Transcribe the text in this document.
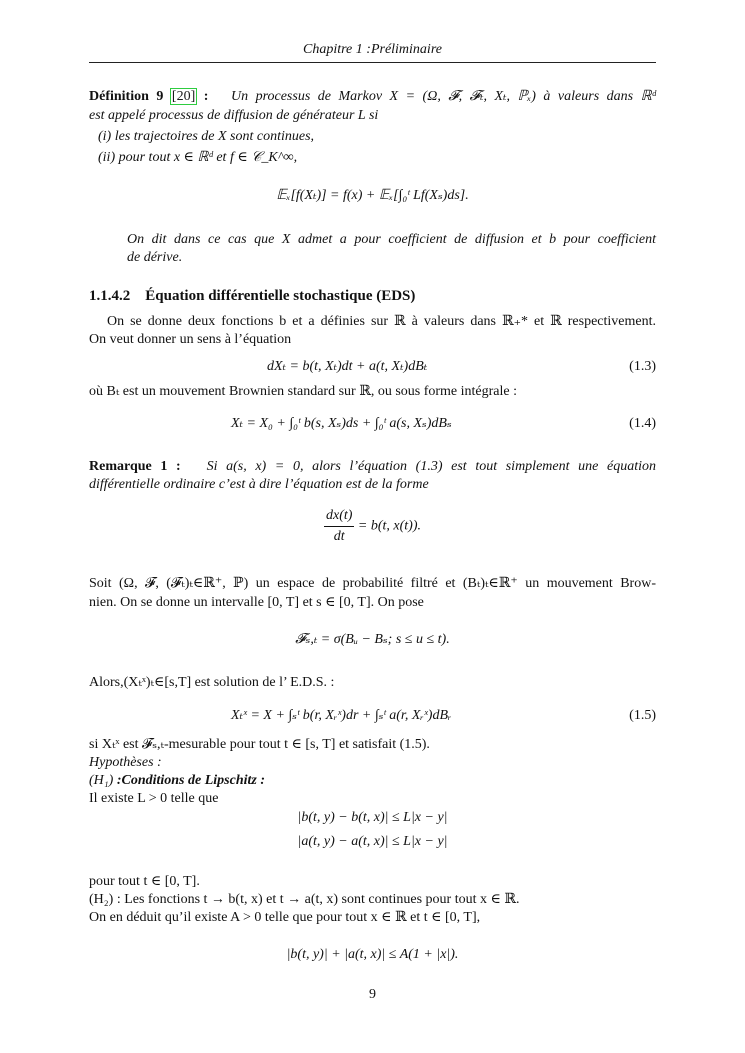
Chapitre 1 :Préliminaire
Définition 9 [20] : Un processus de Markov X = (Ω, 𝓕, 𝓕ₜ, Xₜ, ℙₓ) à valeurs dans ℝᵈ
est appelé processus de diffusion de générateur L si
(i) les trajectoires de X sont continues,
(ii) pour tout x ∈ ℝᵈ et f ∈ 𝒞_K^∞,
𝔼ₓ[f(Xₜ)] = f(x) + 𝔼ₓ[∫₀ᵗ Lf(Xₛ)ds].
On dit dans ce cas que X admet a pour coefficient de diffusion et b pour coefficient
de dérive.
1.1.4.2 Équation différentielle stochastique (EDS)
On se donne deux fonctions b et a définies sur ℝ à valeurs dans ℝ₊* et ℝ respectivement.
On veut donner un sens à l’équation
dXₜ = b(t, Xₜ)dt + a(t, Xₜ)dBₜ	(1.3)
où Bₜ est un mouvement Brownien standard sur ℝ, ou sous forme intégrale :
Xₜ = X₀ + ∫₀ᵗ b(s, Xₛ)ds + ∫₀ᵗ a(s, Xₛ)dBₛ	(1.4)
Remarque 1 : Si a(s, x) = 0, alors l’équation (1.3) est tout simplement une équation
différentielle ordinaire c’est à dire l’équation est de la forme
$\frac{dx(t)}{dt} = b(t$, x(t)).
Soit (Ω, 𝓕, (𝓕ₜ)ₜ∈ℝ⁺, ℙ) un espace de probabilité filtré et (Bₜ)ₜ∈ℝ⁺ un mouvement Brow-
nien. On se donne un intervalle [0, T] et s ∈ [0, T]. On pose
𝓕ₛ,ₜ = σ(Bᵤ − Bₛ; s ≤ u ≤ t).
Alors,(Xₜˣ)ₜ∈[s,T] est solution de l’ E.D.S. :
Xₜˣ = X + ∫ₛᵗ b(r, Xᵣˣ)dr + ∫ₛᵗ a(r, Xᵣˣ)dBᵣ	(1.5)
si Xₜˣ est 𝓕ₛ,ₜ-mesurable pour tout t ∈ [s, T] et satisfait (1.5).
Hypothèses :
(H₁) :Conditions de Lipschitz :
Il existe L > 0 telle que
|b(t, y) − b(t, x)| ≤ L|x − y|
|a(t, y) − a(t, x)| ≤ L|x − y|
pour tout t ∈ [0, T].
(H₂) : Les fonctions t → b(t, x) et t → a(t, x) sont continues pour tout x ∈ ℝ.
On en déduit qu’il existe A > 0 telle que pour tout x ∈ ℝ et t ∈ [0, T],
|b(t, y)| + |a(t, x)| ≤ A(1 + |x|).
9
